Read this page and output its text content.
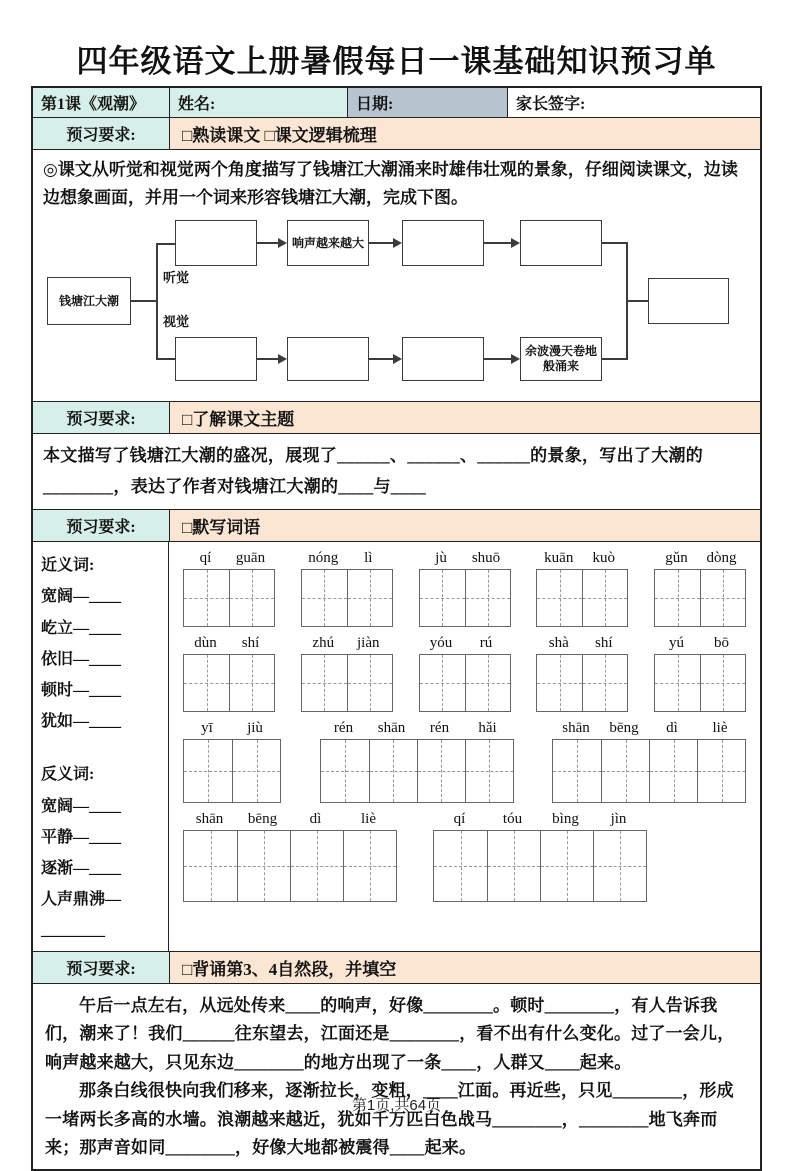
四年级语文上册暑假每日一课基础知识预习单
第1课《观潮》	姓名:	日期:	家长签字:
预习要求:	□熟读课文 □课文逻辑梳理
◎课文从听觉和视觉两个角度描写了钱塘江大潮涌来时雄伟壮观的景象，仔细阅读课文，边读边想象画面，并用一个词来形容钱塘江大潮，完成下图。
钱塘江大潮
听觉
视觉
响声越来越大
余波漫天卷地般涌来
预习要求:	□了解课文主题
本文描写了钱塘江大潮的盛况，展现了______、______、______的景象，写出了大潮的________，表达了作者对钱塘江大潮的____与____
预习要求:	□默写词语
近义词:
宽阔—____
屹立—____
依旧—____
顿时—____
犹如—____
反义词:
宽阔—____
平静—____
逐渐—____
人声鼎沸—
________
qí	guān	nóng	lì	jù	shuō	kuān	kuò	gǔn	dòng
dùn	shí	zhú	jiàn	yóu	rú	shà	shí	yú	bō
yī	jiù	rén	shān	rén	hǎi	shān	bēng	dì	liè
shān	bēng	dì	liè	qí	tóu	bìng	jìn
预习要求:	□背诵第3、4自然段，并填空

午后一点左右，从远处传来____的响声，好像________。顿时________，有人告诉我们，潮来了！我们______往东望去，江面还是________，看不出有什么变化。过了一会儿，响声越来越大，只见东边________的地方出现了一条____，人群又____起来。

那条白线很快向我们移来，逐渐拉长，变粗，____江面。再近些，只见________，形成一堵两长多高的水墙。浪潮越来越近，犹如千万匹白色战马________，________地飞奔而来；那声音如同________，好像大地都被震得____起来。

第1页,共64页
